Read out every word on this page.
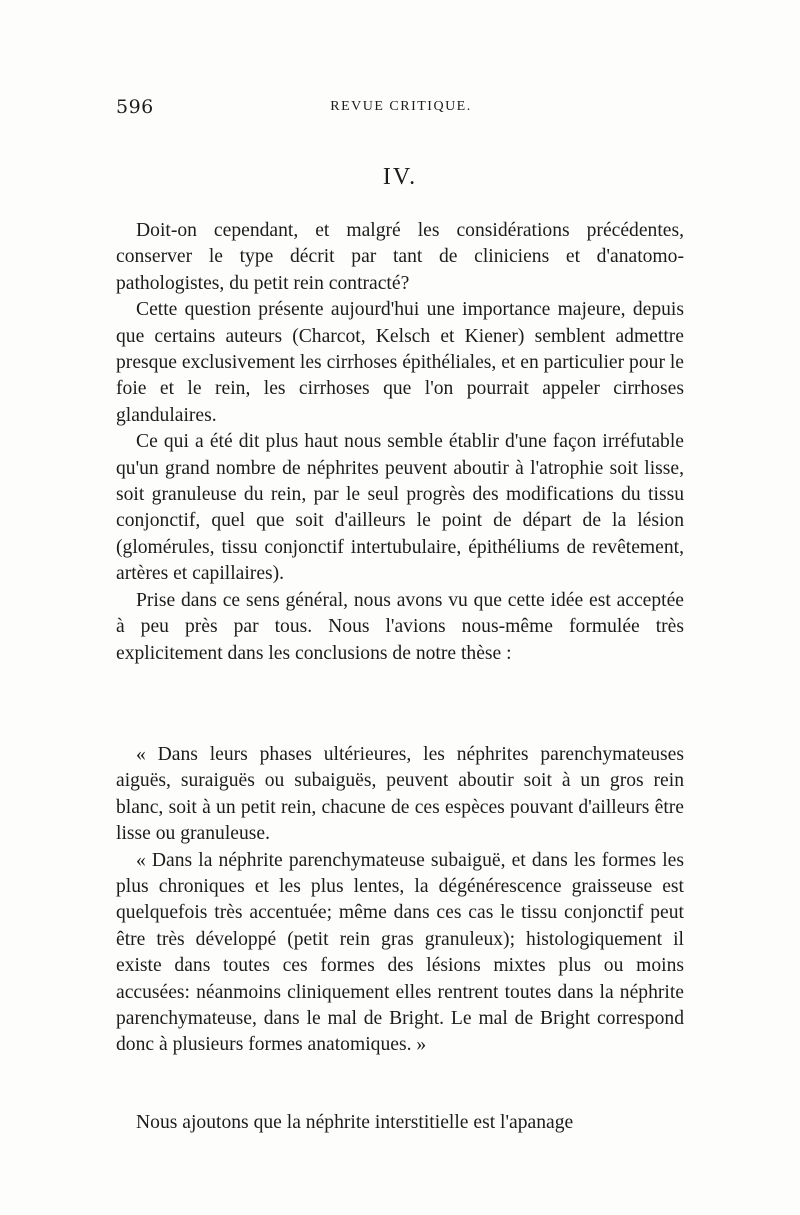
596	REVUE CRITIQUE.
IV.

Doit-on cependant, et malgré les considérations précédentes, conserver le type décrit par tant de cliniciens et d'anatomo-pathologistes, du petit rein contracté?

Cette question présente aujourd'hui une importance majeure, depuis que certains auteurs (Charcot, Kelsch et Kiener) semblent admettre presque exclusivement les cirrhoses épithéliales, et en particulier pour le foie et le rein, les cirrhoses que l'on pourrait appeler cirrhoses glandulaires.

Ce qui a été dit plus haut nous semble établir d'une façon irréfutable qu'un grand nombre de néphrites peuvent aboutir à l'atrophie soit lisse, soit granuleuse du rein, par le seul progrès des modifications du tissu conjonctif, quel que soit d'ailleurs le point de départ de la lésion (glomérules, tissu conjonctif intertubulaire, épithéliums de revêtement, artères et capillaires).

Prise dans ce sens général, nous avons vu que cette idée est acceptée à peu près par tous. Nous l'avions nous-même formulée très explicitement dans les conclusions de notre thèse :

« Dans leurs phases ultérieures, les néphrites parenchymateuses aiguës, suraiguës ou subaiguës, peuvent aboutir soit à un gros rein blanc, soit à un petit rein, chacune de ces espèces pouvant d'ailleurs être lisse ou granuleuse.

« Dans la néphrite parenchymateuse subaiguë, et dans les formes les plus chroniques et les plus lentes, la dégénérescence graisseuse est quelquefois très accentuée; même dans ces cas le tissu conjonctif peut être très développé (petit rein gras granuleux); histologiquement il existe dans toutes ces formes des lésions mixtes plus ou moins accusées: néanmoins cliniquement elles rentrent toutes dans la néphrite parenchymateuse, dans le mal de Bright. Le mal de Bright correspond donc à plusieurs formes anatomiques. »

Nous ajoutons que la néphrite interstitielle est l'apanage
